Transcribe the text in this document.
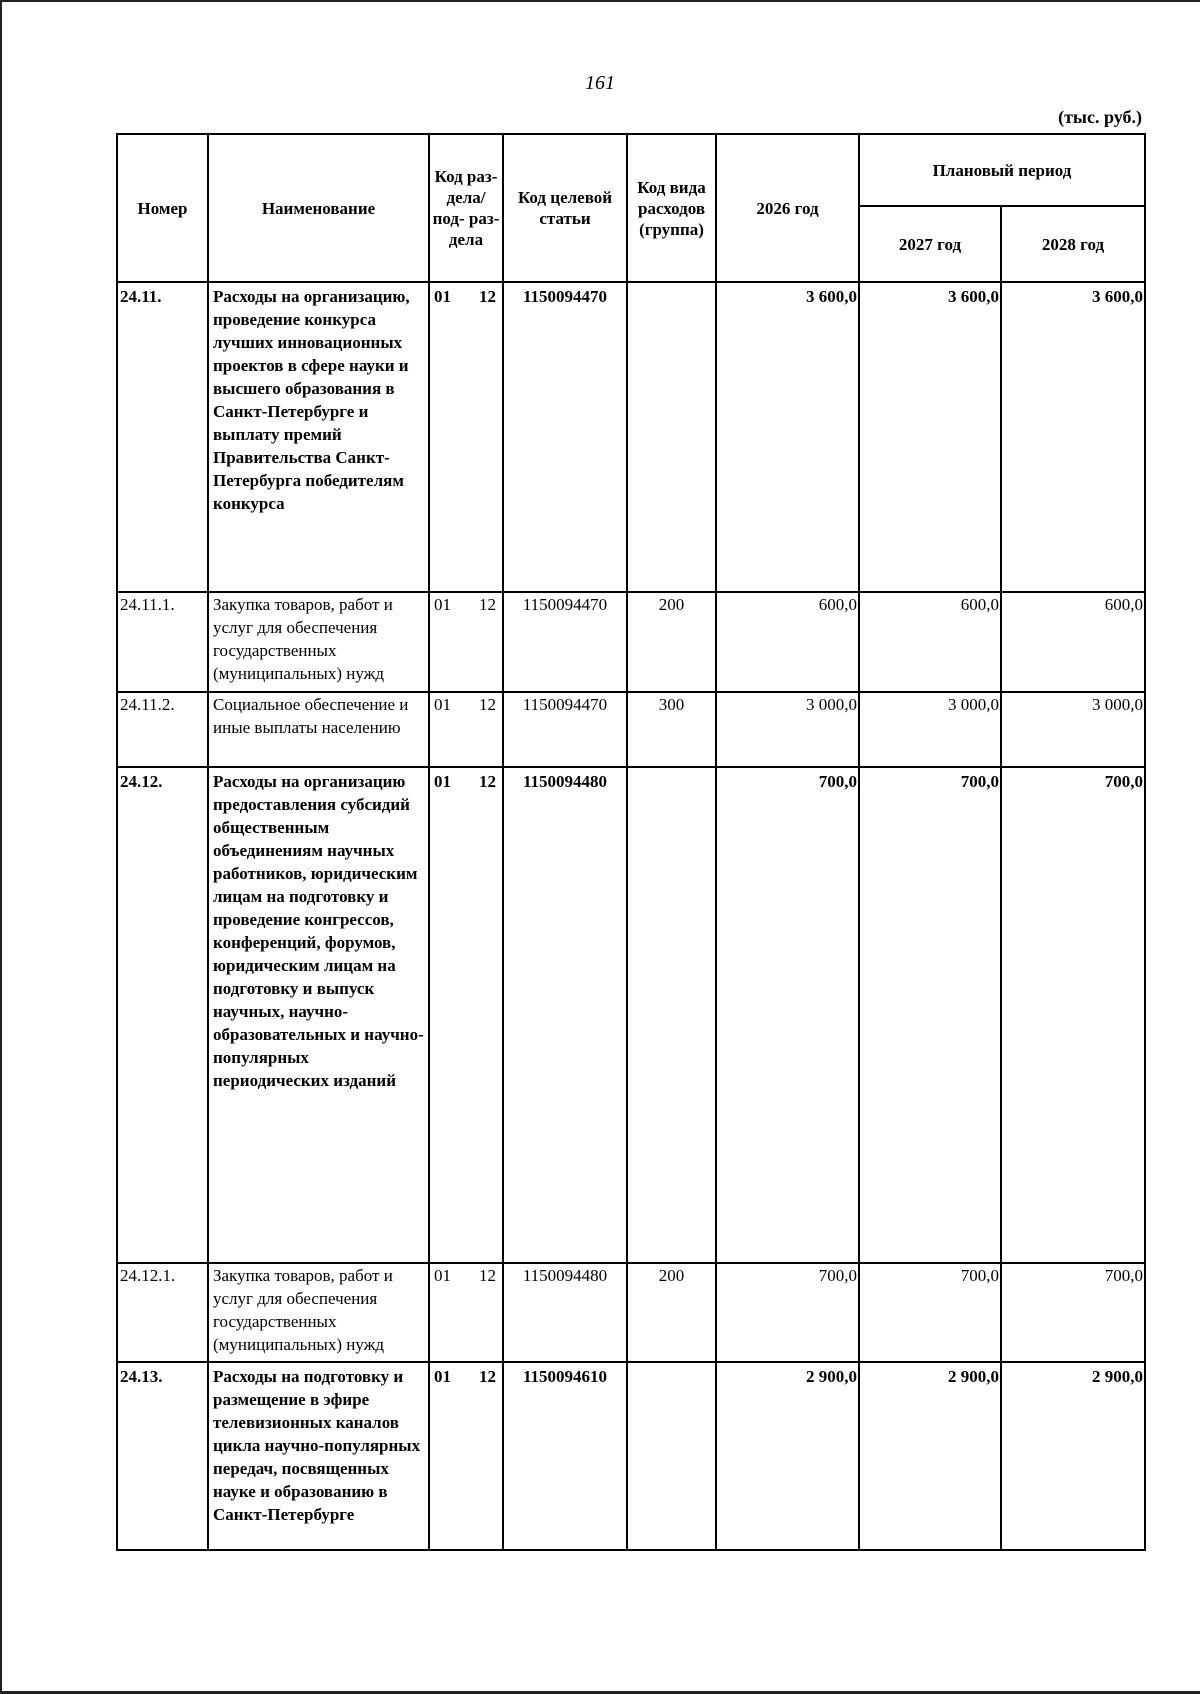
161
(тыс. руб.)
Номер	Наименование	Код раз- дела/ под- раз- дела	Код целевой статьи	Код вида расходов (группа)	2026 год	Плановый период	
						2027 год	2028 год
24.11.	Расходы на организацию, проведение конкурса лучших инновационных проектов в сфере науки и высшего образования в Санкт-Петербурге и выплату премий Правительства Санкт-Петербурга победителям конкурса	01 12	1150094470		3 600,0	3 600,0	3 600,0
24.11.1.	Закупка товаров, работ и услуг для обеспечения государственных (муниципальных) нужд	01 12	1150094470	200	600,0	600,0	600,0
24.11.2.	Социальное обеспечение и иные выплаты населению	01 12	1150094470	300	3 000,0	3 000,0	3 000,0
24.12.	Расходы на организацию предоставления субсидий общественным объединениям научных работников, юридическим лицам на подготовку и проведение конгрессов, конференций, форумов, юридическим лицам на подготовку и выпуск научных, научно-образовательных и научно-популярных периодических изданий	01 12	1150094480		700,0	700,0	700,0
24.12.1.	Закупка товаров, работ и услуг для обеспечения государственных (муниципальных) нужд	01 12	1150094480	200	700,0	700,0	700,0
24.13.	Расходы на подготовку и размещение в эфире телевизионных каналов цикла научно-популярных передач, посвященных науке и образованию в Санкт-Петербурге	01 12	1150094610		2 900,0	2 900,0	2 900,0
